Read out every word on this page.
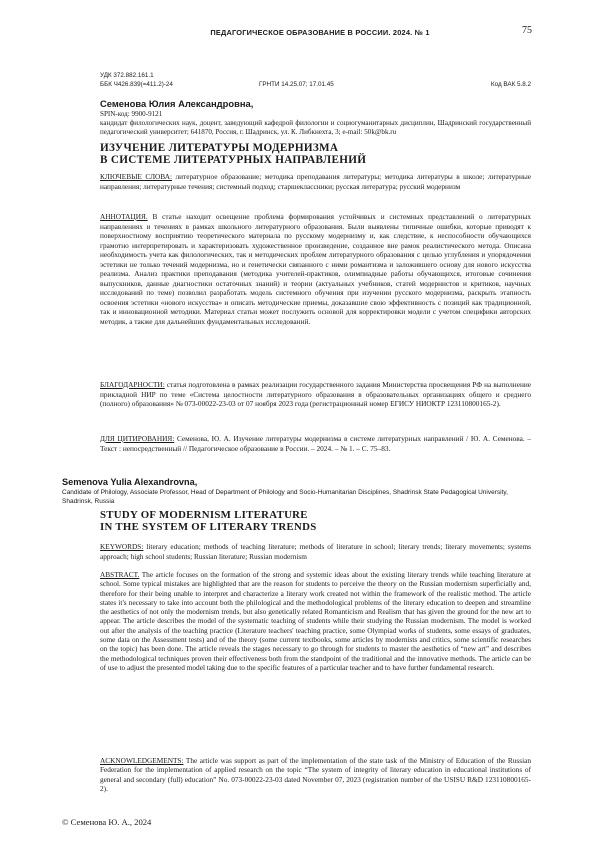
ПЕДАГОГИЧЕСКОЕ ОБРАЗОВАНИЕ В РОССИИ. 2024. № 1	75
УДК 372.882.161.1
ББК Ч426.839(=411.2)-24	ГРНТИ 14.25.07; 17.01.45	Код ВАК 5.8.2
Семенова Юлия Александровна,
SPIN-код: 9900-9121
кандидат филологических наук, доцент, заведующий кафедрой филологии и социогуманитарных дисциплин, Шадринский государственный педагогический университет; 641870, Россия, г. Шадринск, ул. К. Либкнехта, 3; e-mail: 50k@bk.ru
ИЗУЧЕНИЕ ЛИТЕРАТУРЫ МОДЕРНИЗМА
В СИСТЕМЕ ЛИТЕРАТУРНЫХ НАПРАВЛЕНИЙ
КЛЮЧЕВЫЕ СЛОВА: литературное образование; методика преподавания литературы; методика литературы в школе; литературные направления; литературные течения; системный подход; старшеклассники; русская литература; русский модернизм
АННОТАЦИЯ. В статье находит освещение проблема формирования устойчивых и системных представлений о литературных направлениях и течениях в рамках школьного литературного образования. Были выявлены типичные ошибки, которые приводят к поверхностному восприятию теоретического материала по русскому модернизму и, как следствие, к неспособности обучающихся грамотно интерпретировать и характеризовать художественное произведение, созданное вне рамок реалистического метода. Описана необходимость учета как филологических, так и методических проблем литературного образования с целью углубления и упорядочения эстетики не только течений модернизма, но и генетически связанного с ними романтизма и заложившего основу для нового искусства реализма. Анализ практики преподавания (методика учителей-практиков, олимпиадные работы обучающихся, итоговые сочинения выпускников, данные диагностики остаточных знаний) и теории (актуальных учебников, статей модернистов и критиков, научных исследований по теме) позволил разработать модель системного обучения при изучении русского модернизма, раскрыть этапность освоения эстетики «нового искусства» и описать методические приемы, доказавшие свою эффективность с позиций как традиционной, так и инновационной методики. Материал статьи может послужить основой для корректировки модели с учетом специфики авторских методик, а также для дальнейших фундаментальных исследований.
БЛАГОДАРНОСТИ: статья подготовлена в рамках реализации государственного задания Министерства просвещения РФ на выполнение прикладной НИР по теме «Система целостности литературного образования в образовательных организациях общего и среднего (полного) образования» № 073-00022-23-03 от 07 ноября 2023 года (регистрационный номер ЕГИСУ НИОКТР 123110800165-2).
ДЛЯ ЦИТИРОВАНИЯ: Семенова, Ю. А. Изучение литературы модернизма в системе литературных направлений / Ю. А. Семенова. – Текст : непосредственный // Педагогическое образование в России. – 2024. – № 1. – С. 75–83.
Semenova Yulia Alexandrovna,
Candidate of Philology, Associate Professor, Head of Department of Philology and Socio-Humanitarian Disciplines, Shadrinsk State Pedagogical University, Shadrinsk, Russia
STUDY OF MODERNISM LITERATURE
IN THE SYSTEM OF LITERARY TRENDS
KEYWORDS: literary education; methods of teaching literature; methods of literature in school; literary trends; literary movements; systems approach; high school students; Russian literature; Russian modernism
ABSTRACT. The article focuses on the formation of the strong and systemic ideas about the existing literary trends while teaching literature at school. Some typical mistakes are highlighted that are the reason for students to perceive the theory on the Russian modernism superficially and, therefore for their being unable to interpret and characterize a literary work created not within the framework of the realistic method. The article states it's necessary to take into account both the philological and the methodological problems of the literary education to deepen and streamline the aesthetics of not only the modernism trends, but also genetically related Romanticism and Realism that has given the ground for the new art to appear. The article describes the model of the systematic teaching of students while their studying the Russian modernism. The model is worked out after the analysis of the teaching practice (Literature teachers' teaching practice, some Olympiad works of students, some essays of graduates, some data on the Assessment tests) and of the theory (some current textbooks, some articles by modernists and critics, some scientific researches on the topic) has been done. The article reveals the stages necessary to go through for students to master the aesthetics of “new art” and describes the methodological techniques proven their effectiveness both from the standpoint of the traditional and the innovative methods. The article can be of use to adjust the presented model taking due to the specific features of a particular teacher and to have further fundamental research.
ACKNOWLEDGEMENTS: The article was support as part of the implementation of the state task of the Ministry of Education of the Russian Federation for the implementation of applied research on the topic “The system of integrity of literary education in educational institutions of general and secondary (full) education” No. 073-00022-23-03 dated November 07, 2023 (registration number of the USISU R&D 123110800165-2).
© Семенова Ю. А., 2024
